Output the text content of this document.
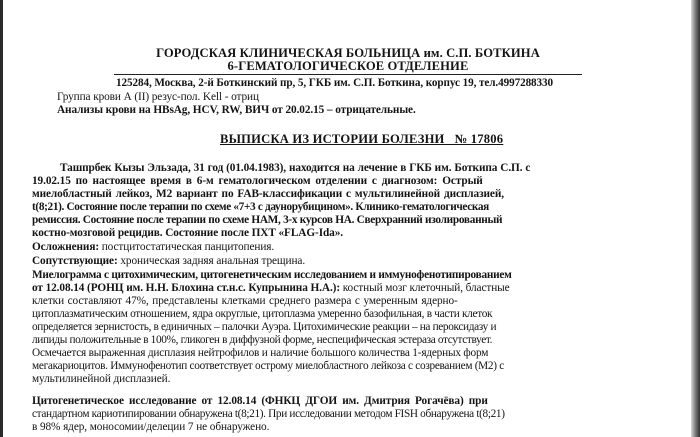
ГОРОДСКАЯ КЛИНИЧЕСКАЯ БОЛЬНИЦА им. С.П. БОТКИНА
6-ГЕМАТОЛОГИЧЕСКОЕ ОТДЕЛЕНИЕ
125284, Москва, 2-й Боткинский пр, 5, ГКБ им. С.П. Боткина, корпус 19, тел.4997288330
Группа крови А (II) резус-пол. Kell - отриц
Анализы крови на HBsAg, HCV, RW, ВИЧ от 20.02.15 – отрицательные.
ВЫПИСКА ИЗ ИСТОРИИ БОЛЕЗНИ   № 17806
Ташпрбек Кызы Эльзада, 31 год (01.04.1983), находится на лечение в ГКБ им. Боткипа С.П. с
19.02.15 по настоящее время в 6-м гематологическом отделении с диагнозом: Острый
миелобластный лейкоз, М2 вариант по FAB-классификации с мультилинейной дисплазией,
t(8;21). Состояние после терапии по схеме «7+3 с даунорубицином». Клинико-гематологическая
ремиссия. Состояние после терапии по схеме НАМ, 3-х курсов НА. Сверхранний изолированный
костно-мозговой рецидив. Состояние после ПХТ «FLAG-Ida».
Осложнения: постцитостатическая панцитопения.
Сопутствующие: хроническая задняя анальная трещина.
Миелограмма с цитохимическим, цитогенетическим исследованием и иммунофенотипированием
от 12.08.14 (РОНЦ им. Н.Н. Блохина ст.н.с. Купрынина Н.А.): костный мозг клеточный, бластные
клетки составляют 47%, представлены клетками среднего размера с умеренным ядерно-
цитоплазматическим отношением, ядра округлые, цитоплазма умеренно базофильная, в части клеток
определяется зернистость, в единичных – палочки Ауэра. Цитохимические реакции – на пероксидазу и
липиды положительные в 100%, гликоген в диффузной форме, неспецифическая эстераза отсутствует.
Осмечается выраженная дисплазия нейтрофилов и наличие большого количества 1-ядерных форм
мегакариоцитов. Иммунофенотип соответствует острому миелобластного лейкоза с созреванием (М2) с
мультилинейной дисплазией.
Цитогенетическое исследование от 12.08.14 (ФНКЦ ДГОИ им. Дмитрия Рогачёва) при
стандартном кариотипировании обнаружена t(8;21). При исследовании методом FISH обнаружена t(8;21)
в 98% ядер, моносомии/делеции 7 не обнаружено.
